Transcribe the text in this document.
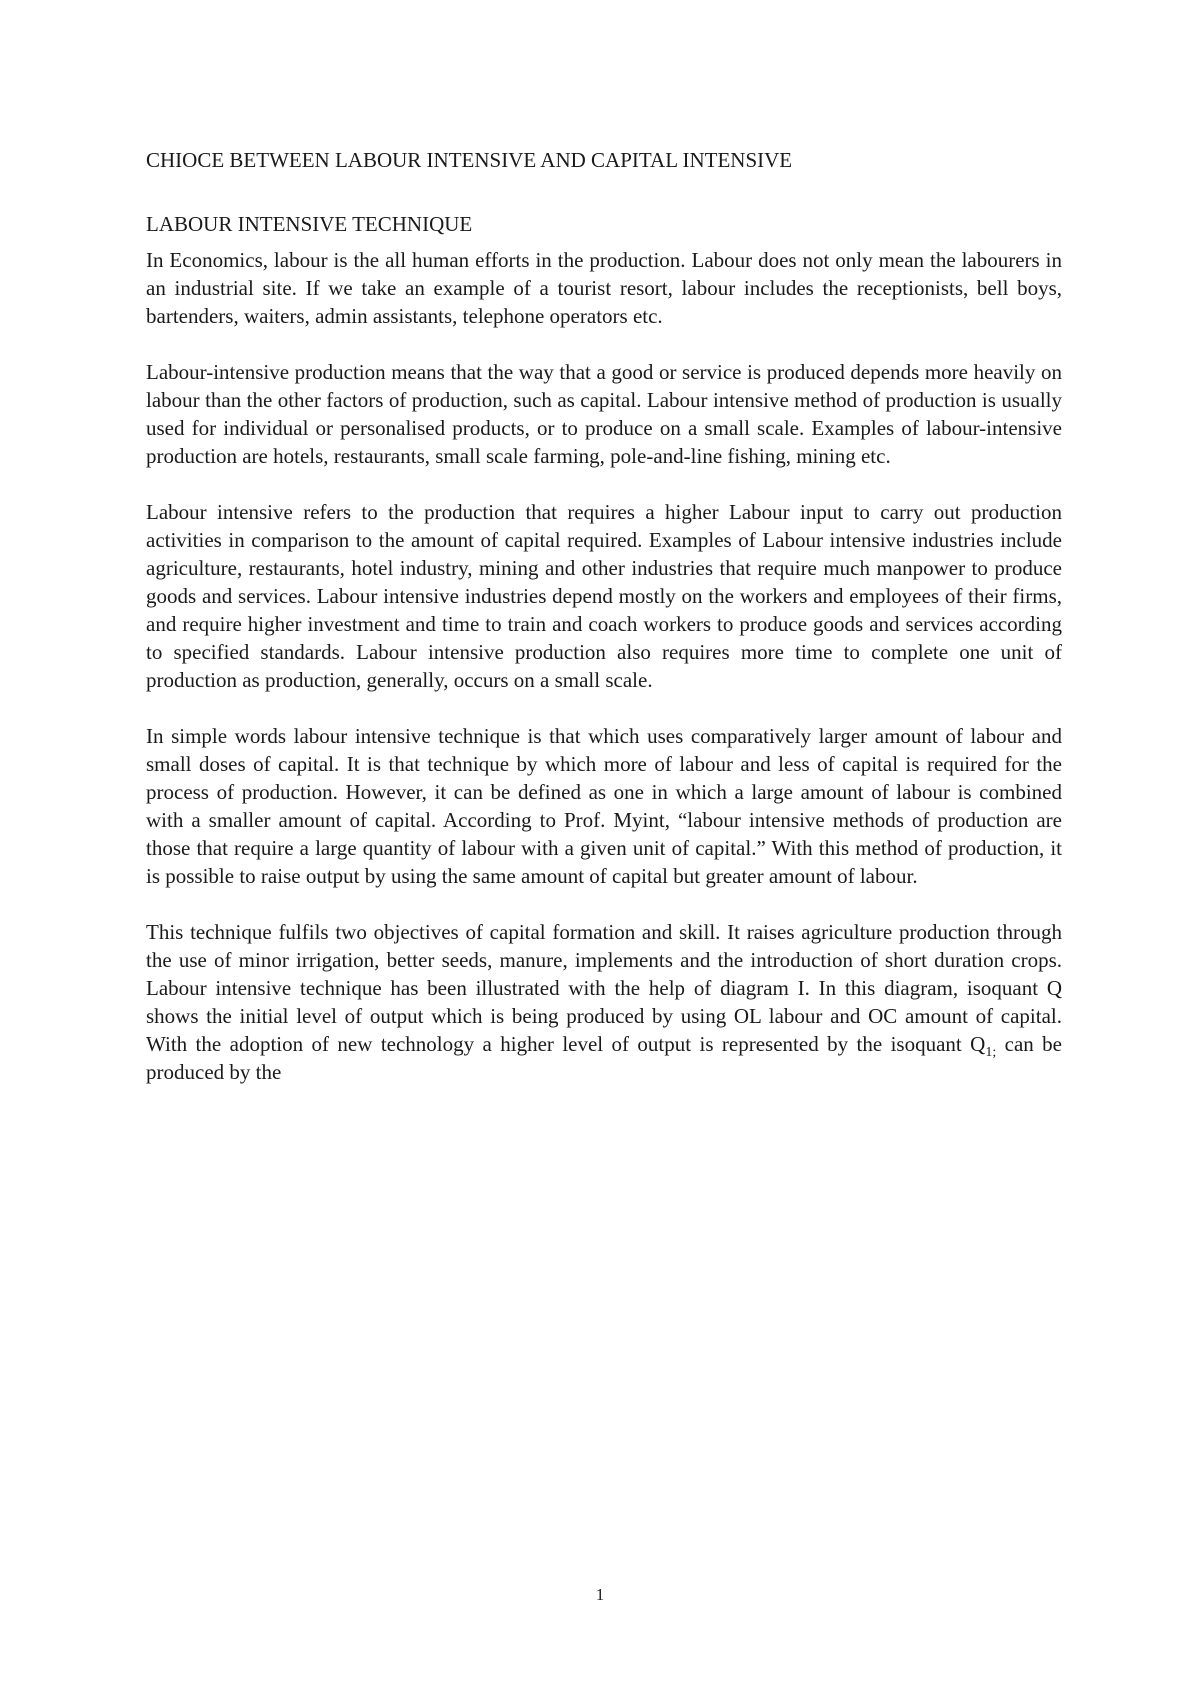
CHIOCE BETWEEN LABOUR INTENSIVE AND CAPITAL INTENSIVE
LABOUR INTENSIVE TECHNIQUE

In Economics, labour is the all human efforts in the production. Labour does not only mean the labourers in an industrial site. If we take an example of a tourist resort, labour includes the receptionists, bell boys, bartenders, waiters, admin assistants, telephone operators etc.

Labour-intensive production means that the way that a good or service is produced depends more heavily on labour than the other factors of production, such as capital. Labour intensive method of production is usually used for individual or personalised products, or to produce on a small scale. Examples of labour-intensive production are hotels, restaurants, small scale farming, pole-and-line fishing, mining etc.

Labour intensive refers to the production that requires a higher Labour input to carry out production activities in comparison to the amount of capital required. Examples of Labour intensive industries include agriculture, restaurants, hotel industry, mining and other industries that require much manpower to produce goods and services. Labour intensive industries depend mostly on the workers and employees of their firms, and require higher investment and time to train and coach workers to produce goods and services according to specified standards. Labour intensive production also requires more time to complete one unit of production as production, generally, occurs on a small scale.

In simple words labour intensive technique is that which uses comparatively larger amount of labour and small doses of capital. It is that technique by which more of labour and less of capital is required for the process of production. However, it can be defined as one in which a large amount of labour is combined with a smaller amount of capital. According to Prof. Myint, “labour intensive methods of production are those that require a large quantity of labour with a given unit of capital.” With this method of production, it is possible to raise output by using the same amount of capital but greater amount of labour.

This technique fulfils two objectives of capital formation and skill. It raises agriculture production through the use of minor irrigation, better seeds, manure, implements and the introduction of short duration crops. Labour intensive technique has been illustrated with the help of diagram I. In this diagram, isoquant Q shows the initial level of output which is being produced by using OL labour and OC amount of capital. With the adoption of new technology a higher level of output is represented by the isoquant $Q_{1;}$ can be produced by the

1
